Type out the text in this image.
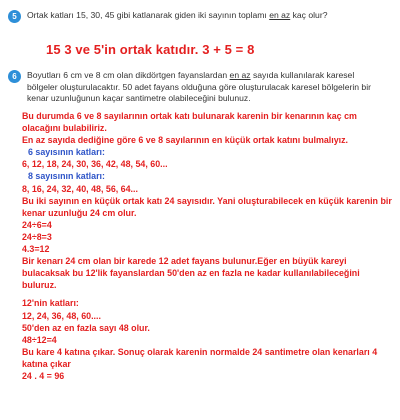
5	Ortak katları 15, 30, 45 gibi katlanarak giden iki sayının toplamı en az kaç olur?
15 3 ve 5'in ortak katıdır. 3 + 5 = 8
6	Boyutları 6 cm ve 8 cm olan dikdörtgen fayanslardan en az sayıda kullanılarak karesel bölgeler oluşturulacaktır. 50 adet fayans olduğuna göre oluşturulacak karesel bölgelerin bir kenar uzunluğunun kaçar santimetre olabileceğini bulunuz.
Bu durumda 6 ve 8 sayılarının ortak katı bulunarak karenin bir kenarının kaç cm olacağını bulabiliriz.
En az sayıda dediğine göre 6 ve 8 sayılarının en küçük ortak katını bulmalıyız.
6 sayısının katları:
6, 12, 18, 24, 30, 36, 42, 48, 54, 60...
8 sayısının katları:
8, 16, 24, 32, 40, 48, 56, 64...
Bu iki sayının en küçük ortak katı 24 sayısıdır. Yani oluşturabilecek en küçük karenin bir kenar uzunluğu 24 cm olur.
24÷6=4
24÷8=3
4.3=12
Bir kenarı 24 cm olan bir karede 12 adet fayans bulunur.Eğer en büyük kareyi bulacaksak bu 12'lik fayanslardan 50'den az en fazla ne kadar kullanılabileceğini buluruz.
12'nin katları:
12, 24, 36, 48, 60....
50'den az en fazla sayı 48 olur.
48÷12=4
Bu kare 4 katına çıkar. Sonuç olarak karenin normalde 24 santimetre olan kenarları 4 katına çıkar
24 . 4 = 96
